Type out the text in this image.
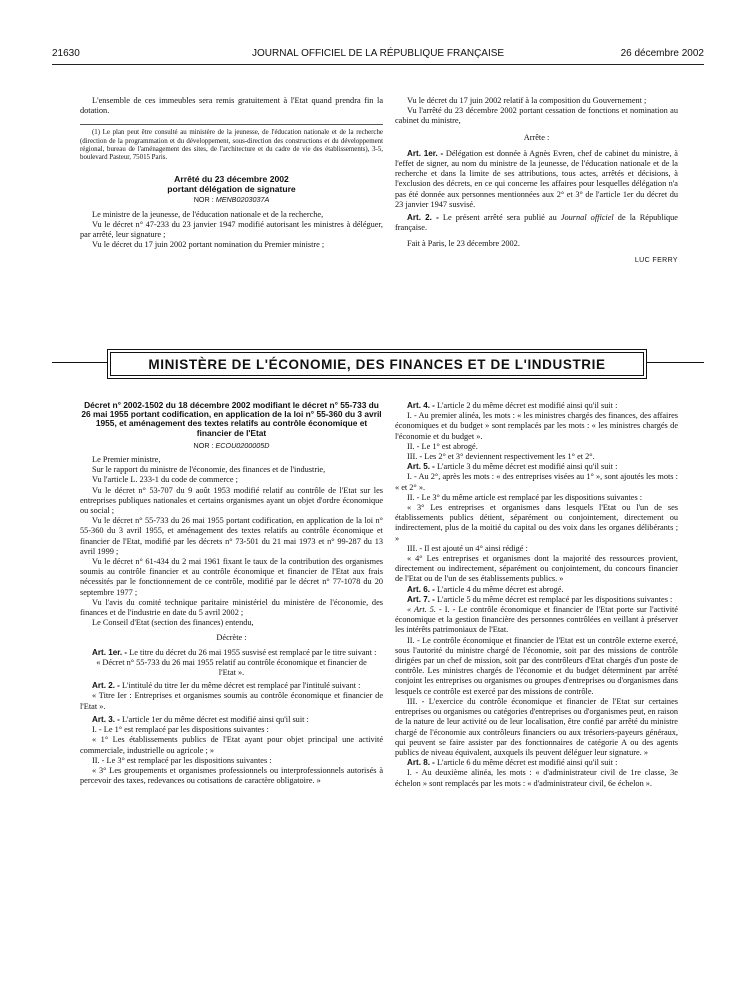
21630	JOURNAL OFFICIEL DE LA RÉPUBLIQUE FRANÇAISE	26 décembre 2002

L'ensemble de ces immeubles sera remis gratuitement à l'Etat quand prendra fin la dotation.

(1) Le plan peut être consulté au ministère de la jeunesse, de l'éducation nationale et de la recherche (direction de la programmation et du développement, sous-direction des constructions et du développement régional, bureau de l'aménagement des sites, de l'architecture et du cadre de vie des établissements), 3-5, boulevard Pasteur, 75015 Paris.

Arrêté du 23 décembre 2002
portant délégation de signature
NOR : MENB0203037A

Le ministre de la jeunesse, de l'éducation nationale et de la recherche,

Vu le décret n° 47-233 du 23 janvier 1947 modifié autorisant les ministres à déléguer, par arrêté, leur signature ;

Vu le décret du 17 juin 2002 portant nomination du Premier ministre ;

Vu le décret du 17 juin 2002 relatif à la composition du Gouvernement ;

Vu l'arrêté du 23 décembre 2002 portant cessation de fonctions et nomination au cabinet du ministre,

Arrête :

Art. 1er. - Délégation est donnée à Agnès Evren, chef de cabinet du ministre, à l'effet de signer, au nom du ministre de la jeunesse, de l'éducation nationale et de la recherche et dans la limite de ses attributions, tous actes, arrêtés et décisions, à l'exclusion des décrets, en ce qui concerne les affaires pour lesquelles délégation n'a pas été donnée aux personnes mentionnées aux 2° et 3° de l'article 1er du décret du 23 janvier 1947 susvisé.

Art. 2. - Le présent arrêté sera publié au Journal officiel de la République française.

Fait à Paris, le 23 décembre 2002.

LUC FERRY

MINISTÈRE DE L'ÉCONOMIE, DES FINANCES ET DE L'INDUSTRIE
Décret n° 2002-1502 du 18 décembre 2002 modifiant le décret n° 55-733 du 26 mai 1955 portant codification, en application de la loi n° 55-360 du 3 avril 1955, et aménagement des textes relatifs au contrôle économique et financier de l'Etat
NOR : ECOU0200005D

Le Premier ministre,

Sur le rapport du ministre de l'économie, des finances et de l'industrie,

Vu l'article L. 233-1 du code de commerce ;

Vu le décret n° 53-707 du 9 août 1953 modifié relatif au contrôle de l'Etat sur les entreprises publiques nationales et certains organismes ayant un objet d'ordre économique ou social ;

Vu le décret n° 55-733 du 26 mai 1955 portant codification, en application de la loi n° 55-360 du 3 avril 1955, et aménagement des textes relatifs au contrôle économique et financier de l'Etat, modifié par les décrets n° 73-501 du 21 mai 1973 et n° 99-287 du 13 avril 1999 ;

Vu le décret n° 61-434 du 2 mai 1961 fixant le taux de la contribution des organismes soumis au contrôle financier et au contrôle économique et financier de l'Etat aux frais nécessités par le fonctionnement de ce contrôle, modifié par le décret n° 77-1078 du 20 septembre 1977 ;

Vu l'avis du comité technique paritaire ministériel du ministère de l'économie, des finances et de l'industrie en date du 5 avril 2002 ;

Le Conseil d'Etat (section des finances) entendu,

Décrète :

Art. 1er. - Le titre du décret du 26 mai 1955 susvisé est remplacé par le titre suivant :

« Décret n° 55-733 du 26 mai 1955 relatif au contrôle économique et financier de l'Etat ».

Art. 2. - L'intitulé du titre Ier du même décret est remplacé par l'intitulé suivant :

« Titre Ier : Entreprises et organismes soumis au contrôle économique et financier de l'Etat ».

Art. 3. - L'article 1er du même décret est modifié ainsi qu'il suit :

I. - Le 1° est remplacé par les dispositions suivantes :

« 1° Les établissements publics de l'Etat ayant pour objet principal une activité commerciale, industrielle ou agricole ; »

II. - Le 3° est remplacé par les dispositions suivantes :

« 3° Les groupements et organismes professionnels ou interprofessionnels autorisés à percevoir des taxes, redevances ou cotisations de caractère obligatoire. »

Art. 4. - L'article 2 du même décret est modifié ainsi qu'il suit :

I. - Au premier alinéa, les mots : « les ministres chargés des finances, des affaires économiques et du budget » sont remplacés par les mots : « les ministres chargés de l'économie et du budget ».

II. - Le 1° est abrogé.

III. - Les 2° et 3° deviennent respectivement les 1° et 2°.

Art. 5. - L'article 3 du même décret est modifié ainsi qu'il suit :

I. - Au 2°, après les mots : « des entreprises visées au 1° », sont ajoutés les mots : « et 2° ».

II. - Le 3° du même article est remplacé par les dispositions suivantes :

« 3° Les entreprises et organismes dans lesquels l'Etat ou l'un de ses établissements publics détient, séparément ou conjointement, directement ou indirectement, plus de la moitié du capital ou des voix dans les organes délibérants ; »

III. - Il est ajouté un 4° ainsi rédigé :

« 4° Les entreprises et organismes dont la majorité des ressources provient, directement ou indirectement, séparément ou conjointement, du concours financier de l'Etat ou de l'un de ses établissements publics. »

Art. 6. - L'article 4 du même décret est abrogé.

Art. 7. - L'article 5 du même décret est remplacé par les dispositions suivantes :

« Art. 5. - I. - Le contrôle économique et financier de l'Etat porte sur l'activité économique et la gestion financière des personnes contrôlées en veillant à préserver les intérêts patrimoniaux de l'Etat.

II. - Le contrôle économique et financier de l'Etat est un contrôle externe exercé, sous l'autorité du ministre chargé de l'économie, soit par des missions de contrôle dirigées par un chef de mission, soit par des contrôleurs d'Etat chargés d'un poste de contrôle. Les ministres chargés de l'économie et du budget déterminent par arrêté conjoint les entreprises ou organismes ou groupes d'entreprises ou d'organismes dans lesquels ce contrôle est exercé par des missions de contrôle.

III. - L'exercice du contrôle économique et financier de l'Etat sur certaines entreprises ou organismes ou catégories d'entreprises ou d'organismes peut, en raison de la nature de leur activité ou de leur localisation, être confié par arrêté du ministre chargé de l'économie aux contrôleurs financiers ou aux trésoriers-payeurs généraux, qui peuvent se faire assister par des fonctionnaires de catégorie A ou des agents publics de niveau équivalent, auxquels ils peuvent déléguer leur signature. »

Art. 8. - L'article 6 du même décret est modifié ainsi qu'il suit :

I. - Au deuxième alinéa, les mots : « d'administrateur civil de 1re classe, 3e échelon » sont remplacés par les mots : « d'administrateur civil, 6e échelon ».
